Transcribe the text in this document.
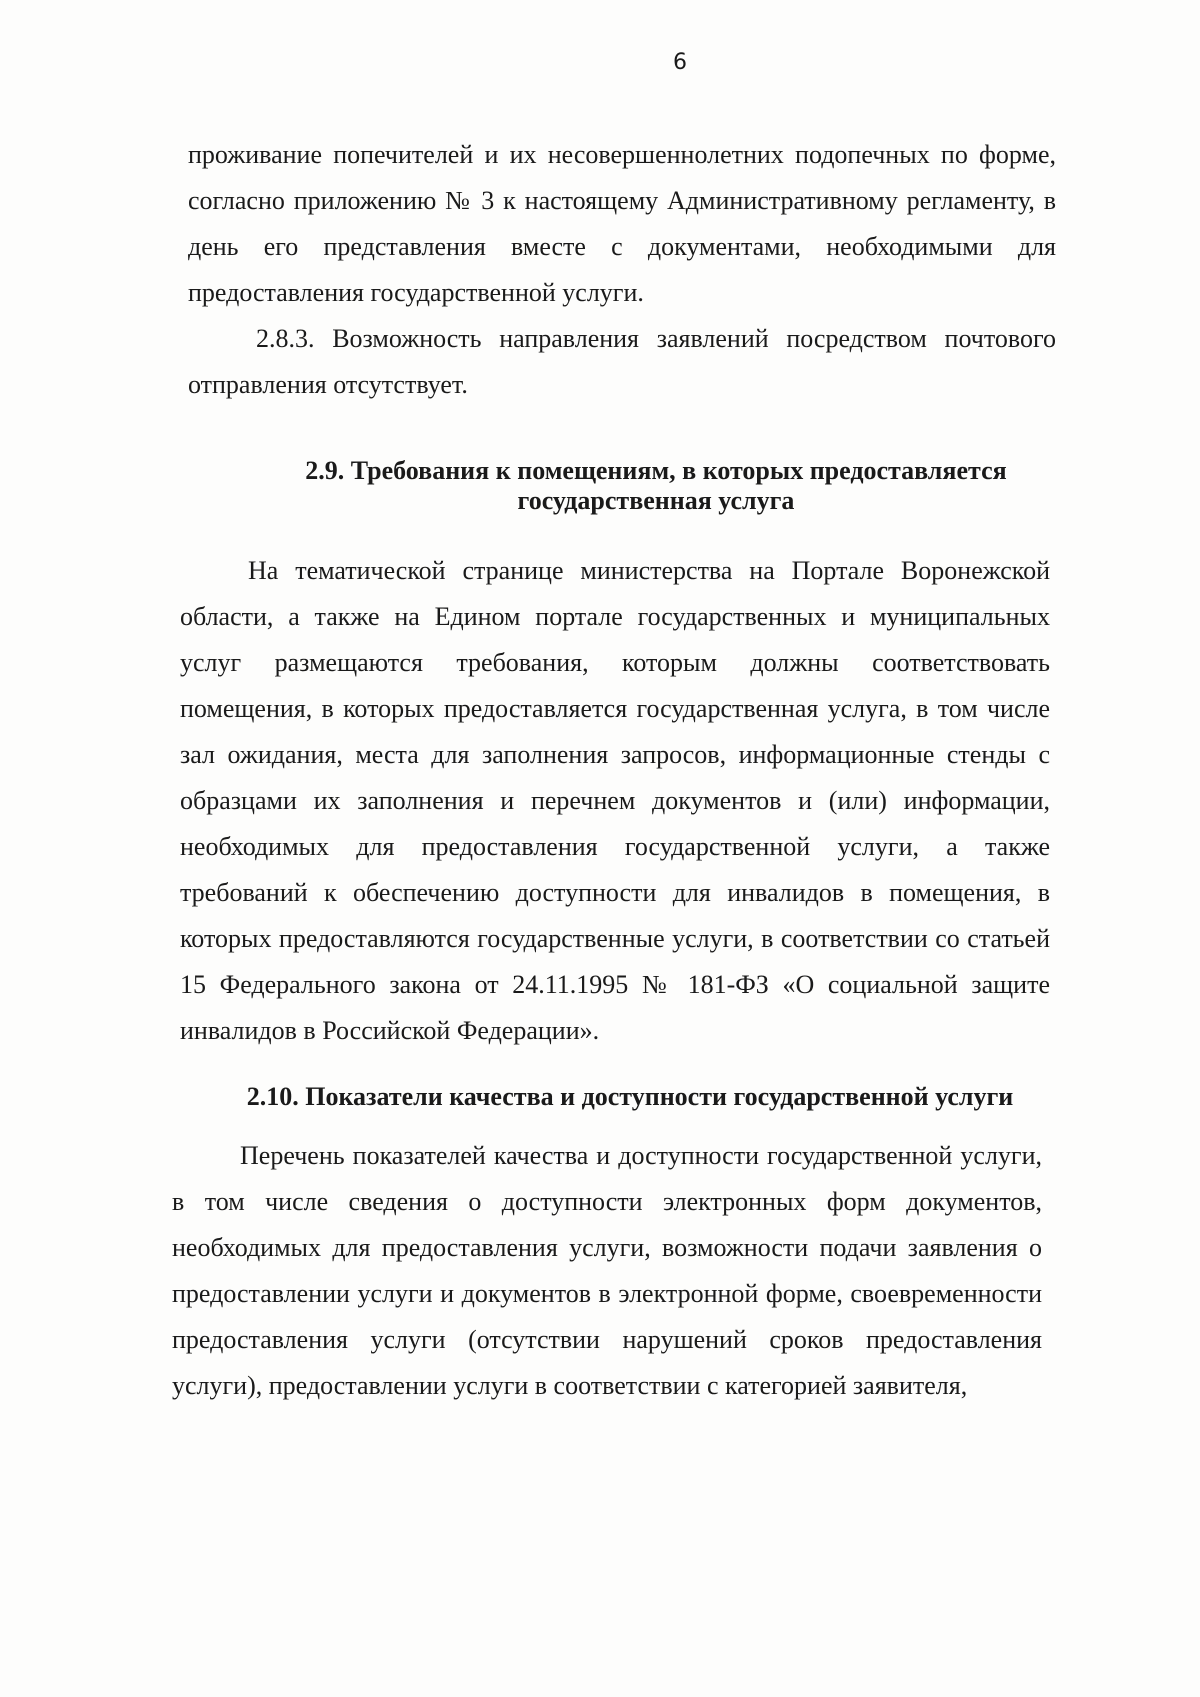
6

проживание попечителей и их несовершеннолетних подопечных по форме, согласно приложению № 3 к настоящему Административному регламенту, в день его представления вместе с документами, необходимыми для предоставления государственной услуги.

2.8.3. Возможность направления заявлений посредством почтового отправления отсутствует.

2.9. Требования к помещениям, в которых предоставляется
государственная услуга

На тематической странице министерства на Портале Воронежской области, а также на Едином портале государственных и муниципальных услуг размещаются требования, которым должны соответствовать помещения, в которых предоставляется государственная услуга, в том числе зал ожидания, места для заполнения запросов, информационные стенды с образцами их заполнения и перечнем документов и (или) информации, необходимых для предоставления государственной услуги, а также требований к обеспечению доступности для инвалидов в помещения, в которых предоставляются государственные услуги, в соответствии со статьей 15 Федерального закона от 24.11.1995 № 181-ФЗ «О социальной защите инвалидов в Российской Федерации».

2.10. Показатели качества и доступности государственной услуги

Перечень показателей качества и доступности государственной услуги, в том числе сведения о доступности электронных форм документов, необходимых для предоставления услуги, возможности подачи заявления о предоставлении услуги и документов в электронной форме, своевременности предоставления услуги (отсутствии нарушений сроков предоставления услуги), предоставлении услуги в соответствии с категорией заявителя,
